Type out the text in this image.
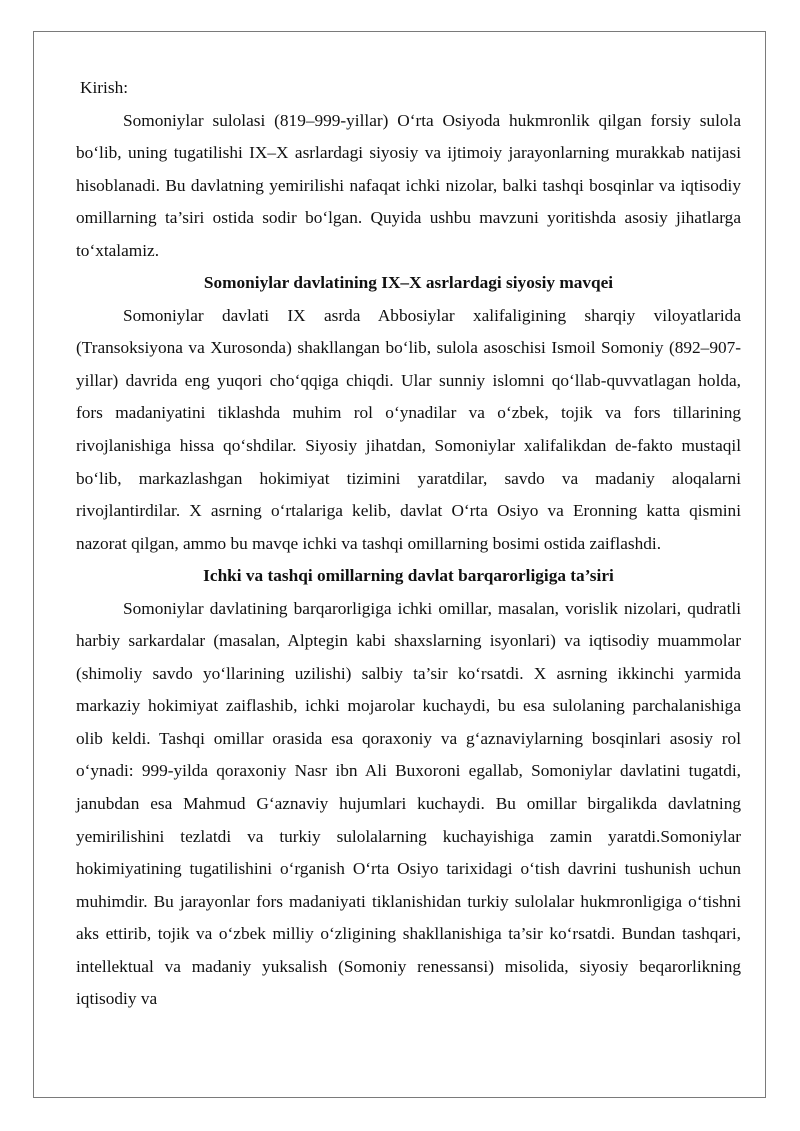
Kirish:

Somoniylar sulolasi (819–999-yillar) O‘rta Osiyoda hukmronlik qilgan forsiy sulola bo‘lib, uning tugatilishi IX–X asrlardagi siyosiy va ijtimoiy jarayonlarning murakkab natijasi hisoblanadi. Bu davlatning yemirilishi nafaqat ichki nizolar, balki tashqi bosqinlar va iqtisodiy omillarning ta’siri ostida sodir bo‘lgan. Quyida ushbu mavzuni yoritishda asosiy jihatlarga to‘xtalamiz.

Somoniylar davlatining IX–X asrlardagi siyosiy mavqei

Somoniylar davlati IX asrda Abbosiylar xalifaligining sharqiy viloyatlarida (Transoksiyona va Xurosonda) shakllangan bo‘lib, sulola asoschisi Ismoil Somoniy (892–907-yillar) davrida eng yuqori cho‘qqiga chiqdi. Ular sunniy islomni qo‘llab-quvvatlagan holda, fors madaniyatini tiklashda muhim rol o‘ynadilar va o‘zbek, tojik va fors tillarining rivojlanishiga hissa qo‘shdilar. Siyosiy jihatdan, Somoniylar xalifalikdan de-fakto mustaqil bo‘lib, markazlashgan hokimiyat tizimini yaratdilar, savdo va madaniy aloqalarni rivojlantirdilar. X asrning o‘rtalariga kelib, davlat O‘rta Osiyo va Eronning katta qismini nazorat qilgan, ammo bu mavqe ichki va tashqi omillarning bosimi ostida zaiflashdi.

Ichki va tashqi omillarning davlat barqarorligiga ta’siri

Somoniylar davlatining barqarorligiga ichki omillar, masalan, vorislik nizolari, qudratli harbiy sarkardalar (masalan, Alptegin kabi shaxslarning isyonlari) va iqtisodiy muammolar (shimoliy savdo yo‘llarining uzilishi) salbiy ta’sir ko‘rsatdi. X asrning ikkinchi yarmida markaziy hokimiyat zaiflashib, ichki mojarolar kuchaydi, bu esa sulolaning parchalanishiga olib keldi. Tashqi omillar orasida esa qoraxoniy va g‘aznaviylarning bosqinlari asosiy rol o‘ynadi: 999-yilda qoraxoniy Nasr ibn Ali Buxoroni egallab, Somoniylar davlatini tugatdi, janubdan esa Mahmud G‘aznaviy hujumlari kuchaydi. Bu omillar birgalikda davlatning yemirilishini tezlatdi va turkiy sulolalarning kuchayishiga zamin yaratdi.Somoniylar hokimiyatining tugatilishini o‘rganish O‘rta Osiyo tarixidagi o‘tish davrini tushunish uchun muhimdir. Bu jarayonlar fors madaniyati tiklanishidan turkiy sulolalar hukmronligiga o‘tishni aks ettirib, tojik va o‘zbek milliy o‘zligining shakllanishiga ta’sir ko‘rsatdi. Bundan tashqari, intellektual va madaniy yuksalish (Somoniy renessansi) misolida, siyosiy beqarorlikning iqtisodiy va
